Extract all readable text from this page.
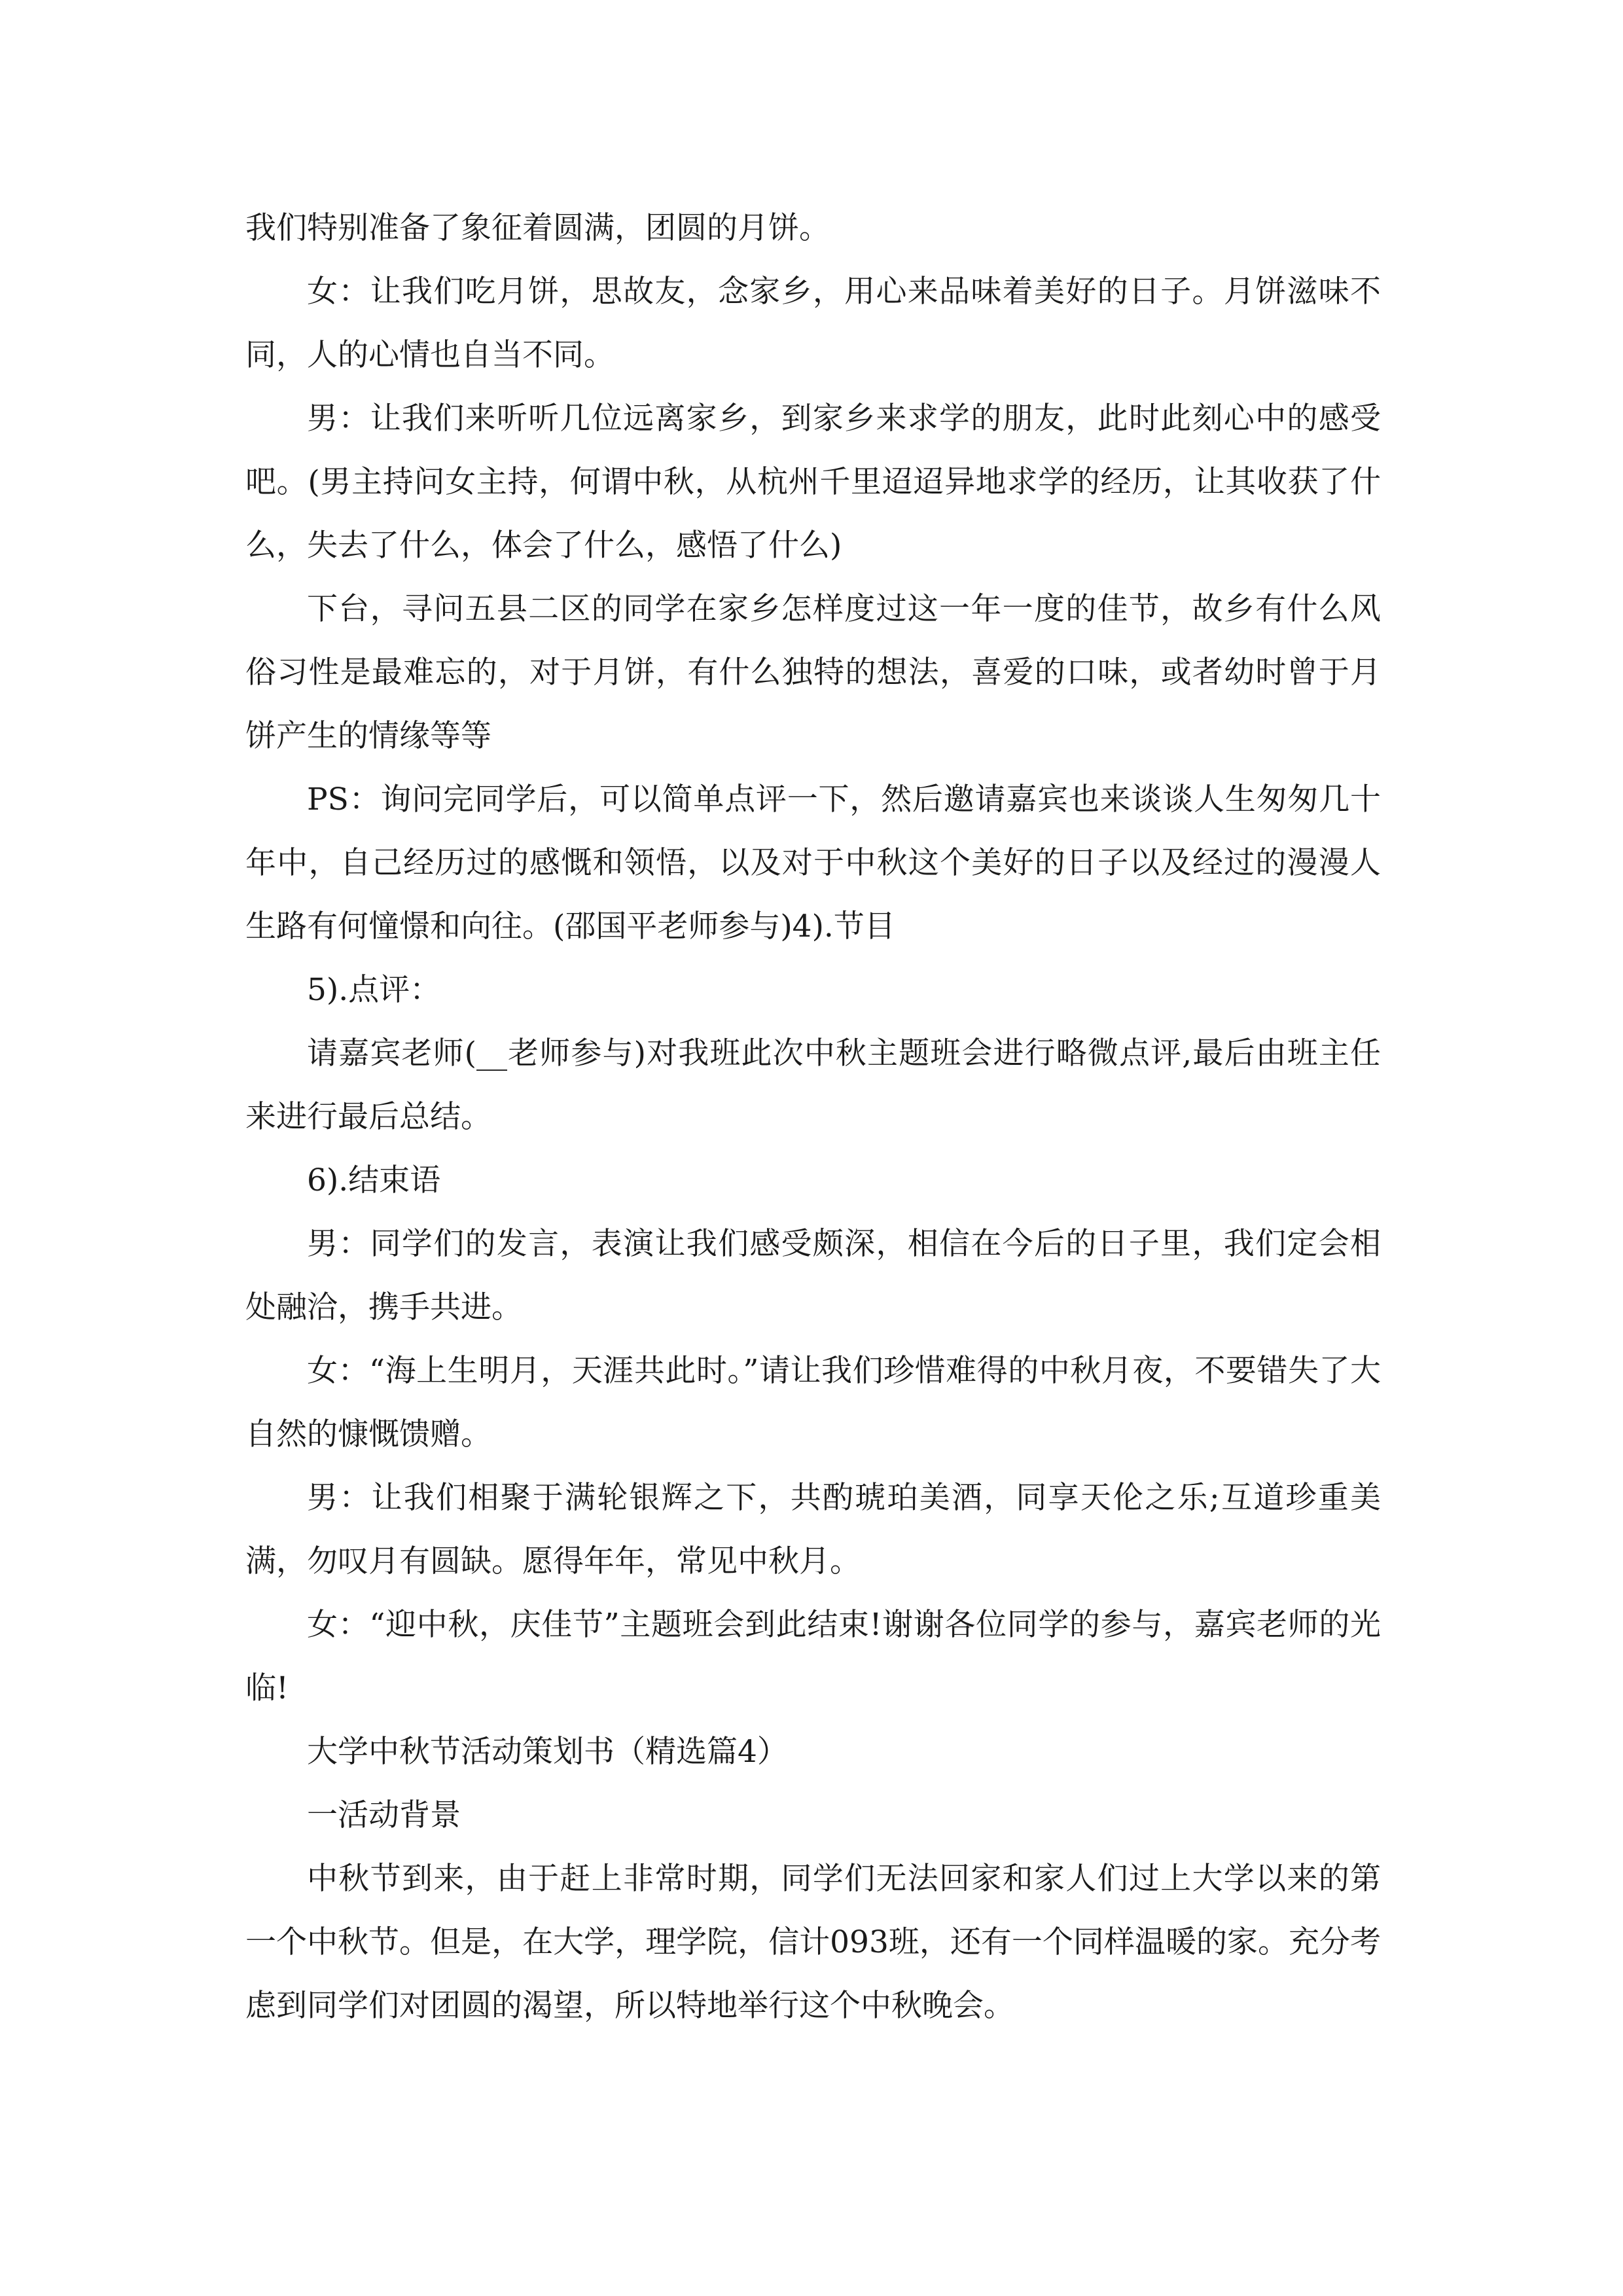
我们特别准备了象征着圆满，团圆的月饼。

女：让我们吃月饼，思故友，念家乡，用心来品味着美好的日子。月饼滋味不同，人的心情也自当不同。

男：让我们来听听几位远离家乡，到家乡来求学的朋友，此时此刻心中的感受吧。(男主持问女主持，何谓中秋，从杭州千里迢迢异地求学的经历，让其收获了什么，失去了什么，体会了什么，感悟了什么)

下台，寻问五县二区的同学在家乡怎样度过这一年一度的佳节，故乡有什么风俗习性是最难忘的，对于月饼，有什么独特的想法，喜爱的口味，或者幼时曾于月饼产生的情缘等等

PS：询问完同学后，可以简单点评一下，然后邀请嘉宾也来谈谈人生匆匆几十年中，自己经历过的感慨和领悟，以及对于中秋这个美好的日子以及经过的漫漫人生路有何憧憬和向往。(邵国平老师参与)4).节目

5).点评：

请嘉宾老师(__老师参与)对我班此次中秋主题班会进行略微点评,最后由班主任来进行最后总结。

6).结束语

男：同学们的发言，表演让我们感受颇深，相信在今后的日子里，我们定会相处融洽，携手共进。

女：“海上生明月，天涯共此时。”请让我们珍惜难得的中秋月夜，不要错失了大自然的慷慨馈赠。

男：让我们相聚于满轮银辉之下，共酌琥珀美酒，同享天伦之乐;互道珍重美满，勿叹月有圆缺。愿得年年，常见中秋月。

女：“迎中秋，庆佳节”主题班会到此结束!谢谢各位同学的参与，嘉宾老师的光临!

大学中秋节活动策划书（精选篇4）

一活动背景

中秋节到来，由于赶上非常时期，同学们无法回家和家人们过上大学以来的第一个中秋节。但是，在大学，理学院，信计093班，还有一个同样温暖的家。充分考虑到同学们对团圆的渴望，所以特地举行这个中秋晚会。
